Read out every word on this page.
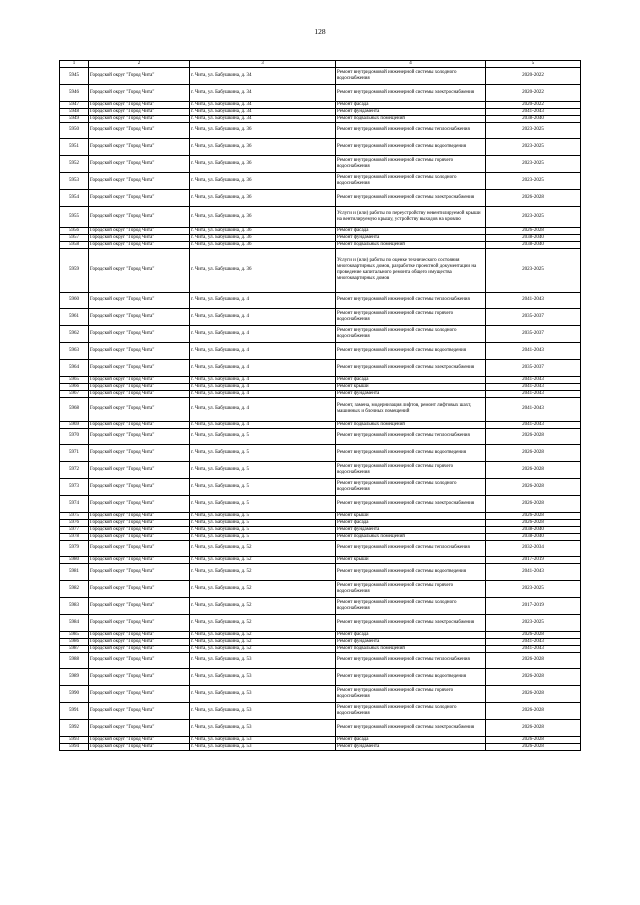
128
1	2	3	4	5
5945	Городской округ "Город Чита"	г. Чита, ул. Бабушкина, д. 34	Ремонт внутридомовой инженерной системы холодного водоснабжения	2020-2022
5946	Городской округ "Город Чита"	г. Чита, ул. Бабушкина, д. 34	Ремонт внутридомовой инженерной системы электроснабжения	2020-2022
5947	Городской округ "Город Чита"	г. Чита, ул. Бабушкина, д. 34	Ремонт фасада	2020-2022
5948	Городской округ "Город Чита"	г. Чита, ул. Бабушкина, д. 34	Ремонт фундамента	2041-2043
5949	Городской округ "Город Чита"	г. Чита, ул. Бабушкина, д. 34	Ремонт подвальных помещений	2038-2040
5950	Городской округ "Город Чита"	г. Чита, ул. Бабушкина, д. 36	Ремонт внутридомовой инженерной системы теплоснабжения	2023-2025
5951	Городской округ "Город Чита"	г. Чита, ул. Бабушкина, д. 36	Ремонт внутридомовой инженерной системы водоотведения	2023-2025
5952	Городской округ "Город Чита"	г. Чита, ул. Бабушкина, д. 36	Ремонт внутридомовой инженерной системы горячего водоснабжения	2023-2025
5953	Городской округ "Город Чита"	г. Чита, ул. Бабушкина, д. 36	Ремонт внутридомовой инженерной системы холодного водоснабжения	2023-2025
5954	Городской округ "Город Чита"	г. Чита, ул. Бабушкина, д. 36	Ремонт внутридомовой инженерной системы электроснабжения	2026-2028
5955	Городской округ "Город Чита"	г. Чита, ул. Бабушкина, д. 36	Услуги и (или) работы по переустройству невентилируемой крыши на вентилируемую крышу, устройству выходов на кровлю	2023-2025
5956	Городской округ "Город Чита"	г. Чита, ул. Бабушкина, д. 36	Ремонт фасада	2026-2028
5957	Городской округ "Город Чита"	г. Чита, ул. Бабушкина, д. 36	Ремонт фундамента	2038-2040
5958	Городской округ "Город Чита"	г. Чита, ул. Бабушкина, д. 36	Ремонт подвальных помещений	2038-2040
5959	Городской округ "Город Чита"	г. Чита, ул. Бабушкина, д. 36	Услуги и (или) работы по оценке технического состояния многоквартирных домов, разработке проектной документации на проведение капитального ремонта общего имущества многоквартирных домов	2023-2025
5960	Городской округ "Город Чита"	г. Чита, ул. Бабушкина, д. 4	Ремонт внутридомовой инженерной системы теплоснабжения	2041-2043
5961	Городской округ "Город Чита"	г. Чита, ул. Бабушкина, д. 4	Ремонт внутридомовой инженерной системы горячего водоснабжения	2035-2037
5962	Городской округ "Город Чита"	г. Чита, ул. Бабушкина, д. 4	Ремонт внутридомовой инженерной системы холодного водоснабжения	2035-2037
5963	Городской округ "Город Чита"	г. Чита, ул. Бабушкина, д. 4	Ремонт внутридомовой инженерной системы водоотведения	2041-2043
5964	Городской округ "Город Чита"	г. Чита, ул. Бабушкина, д. 4	Ремонт внутридомовой инженерной системы электроснабжения	2035-2037
5965	Городской округ "Город Чита"	г. Чита, ул. Бабушкина, д. 4	Ремонт фасада	2041-2043
5966	Городской округ "Город Чита"	г. Чита, ул. Бабушкина, д. 4	Ремонт крыши	2041-2043
5967	Городской округ "Город Чита"	г. Чита, ул. Бабушкина, д. 4	Ремонт фундамента	2041-2043
5968	Городской округ "Город Чита"	г. Чита, ул. Бабушкина, д. 4	Ремонт, замена, модернизация лифтов, ремонт лифтовых шахт, машинных и блочных помещений	2041-2043
5969	Городской округ "Город Чита"	г. Чита, ул. Бабушкина, д. 4	Ремонт подвальных помещений	2041-2043
5970	Городской округ "Город Чита"	г. Чита, ул. Бабушкина, д. 5	Ремонт внутридомовой инженерной системы теплоснабжения	2026-2028
5971	Городской округ "Город Чита"	г. Чита, ул. Бабушкина, д. 5	Ремонт внутридомовой инженерной системы водоотведения	2026-2028
5972	Городской округ "Город Чита"	г. Чита, ул. Бабушкина, д. 5	Ремонт внутридомовой инженерной системы горячего водоснабжения	2026-2028
5973	Городской округ "Город Чита"	г. Чита, ул. Бабушкина, д. 5	Ремонт внутридомовой инженерной системы холодного водоснабжения	2026-2028
5974	Городской округ "Город Чита"	г. Чита, ул. Бабушкина, д. 5	Ремонт внутридомовой инженерной системы электроснабжения	2026-2028
5975	Городской округ "Город Чита"	г. Чита, ул. Бабушкина, д. 5	Ремонт крыши	2026-2028
5976	Городской округ "Город Чита"	г. Чита, ул. Бабушкина, д. 5	Ремонт фасада	2026-2028
5977	Городской округ "Город Чита"	г. Чита, ул. Бабушкина, д. 5	Ремонт фундамента	2038-2040
5978	Городской округ "Город Чита"	г. Чита, ул. Бабушкина, д. 5	Ремонт подвальных помещений	2038-2040
5979	Городской округ "Город Чита"	г. Чита, ул. Бабушкина, д. 52	Ремонт внутридомовой инженерной системы теплоснабжения	2032-2034
5980	Городской округ "Город Чита"	г. Чита, ул. Бабушкина, д. 52	Ремонт крыши	2017-2019
5981	Городской округ "Город Чита"	г. Чита, ул. Бабушкина, д. 52	Ремонт внутридомовой инженерной системы водоотведения	2041-2043
5982	Городской округ "Город Чита"	г. Чита, ул. Бабушкина, д. 52	Ремонт внутридомовой инженерной системы горячего водоснабжения	2023-2025
5983	Городской округ "Город Чита"	г. Чита, ул. Бабушкина, д. 52	Ремонт внутридомовой инженерной системы холодного водоснабжения	2017-2019
5984	Городской округ "Город Чита"	г. Чита, ул. Бабушкина, д. 52	Ремонт внутридомовой инженерной системы электроснабжения	2023-2025
5985	Городской округ "Город Чита"	г. Чита, ул. Бабушкина, д. 52	Ремонт фасада	2026-2028
5986	Городской округ "Город Чита"	г. Чита, ул. Бабушкина, д. 52	Ремонт фундамента	2041-2043
5987	Городской округ "Город Чита"	г. Чита, ул. Бабушкина, д. 52	Ремонт подвальных помещений	2041-2043
5988	Городской округ "Город Чита"	г. Чита, ул. Бабушкина, д. 53	Ремонт внутридомовой инженерной системы теплоснабжения	2026-2028
5989	Городской округ "Город Чита"	г. Чита, ул. Бабушкина, д. 53	Ремонт внутридомовой инженерной системы водоотведения	2026-2028
5990	Городской округ "Город Чита"	г. Чита, ул. Бабушкина, д. 53	Ремонт внутридомовой инженерной системы горячего водоснабжения	2026-2028
5991	Городской округ "Город Чита"	г. Чита, ул. Бабушкина, д. 53	Ремонт внутридомовой инженерной системы холодного водоснабжения	2026-2028
5992	Городской округ "Город Чита"	г. Чита, ул. Бабушкина, д. 53	Ремонт внутридомовой инженерной системы электроснабжения	2026-2028
5993	Городской округ "Город Чита"	г. Чита, ул. Бабушкина, д. 53	Ремонт фасада	2026-2028
5994	Городской округ "Город Чита"	г. Чита, ул. Бабушкина, д. 53	Ремонт фундамента	2026-2028
